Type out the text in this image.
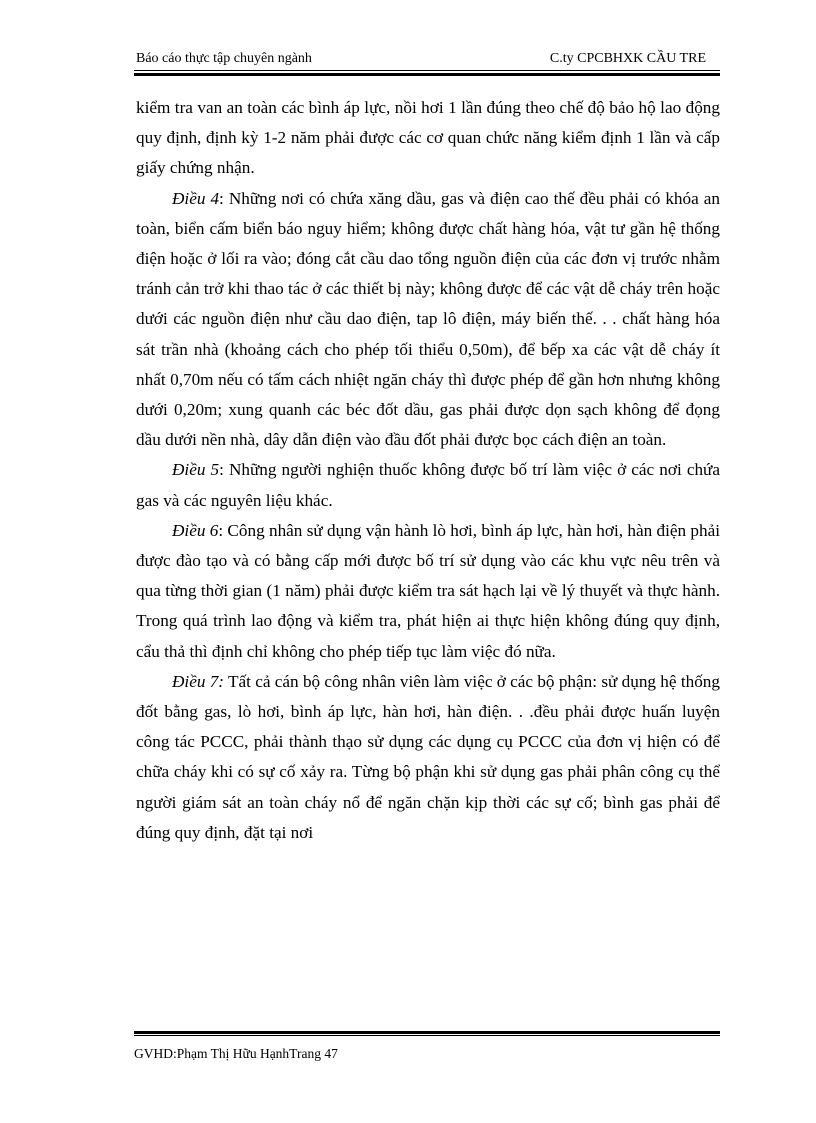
Báo cáo thực tập chuyên ngành	C.ty CPCBHXK CẦU TRE

kiểm tra van an toàn các bình áp lực, nồi hơi 1 lần đúng theo chế độ bảo hộ lao động quy định, định kỳ 1-2 năm phải được các cơ quan chức năng kiểm định 1 lần và cấp giấy chứng nhận.

Điều 4: Những nơi có chứa xăng dầu, gas và điện cao thế đều phải có khóa an toàn, biển cấm biển báo nguy hiểm; không được chất hàng hóa, vật tư gần hệ thống điện hoặc ở lối ra vào; đóng cắt cầu dao tổng nguồn điện của các đơn vị trước nhằm tránh cản trở khi thao tác ở các thiết bị này; không được để các vật dễ cháy trên hoặc dưới các nguồn điện như cầu dao điện, tap lô điện, máy biến thế. . . chất hàng hóa sát trần nhà (khoảng cách cho phép tối thiểu 0,50m), để bếp xa các vật dễ cháy ít nhất 0,70m nếu có tấm cách nhiệt ngăn cháy thì được phép để gần hơn nhưng không dưới 0,20m; xung quanh các béc đốt dầu, gas phải được dọn sạch không để đọng dầu dưới nền nhà, dây dẫn điện vào đầu đốt phải được bọc cách điện an toàn.

Điều 5: Những người nghiện thuốc không được bố trí làm việc ở các nơi chứa gas và các nguyên liệu khác.

Điều 6: Công nhân sử dụng vận hành lò hơi, bình áp lực, hàn hơi, hàn điện phải được đào tạo và có bằng cấp mới được bố trí sử dụng vào các khu vực nêu trên và qua từng thời gian (1 năm) phải được kiểm tra sát hạch lại về lý thuyết và thực hành. Trong quá trình lao động và kiểm tra, phát hiện ai thực hiện không đúng quy định, cẩu thả thì định chỉ không cho phép tiếp tục làm việc đó nữa.

Điều 7: Tất cả cán bộ công nhân viên làm việc ở các bộ phận: sử dụng hệ thống đốt bằng gas, lò hơi, bình áp lực, hàn hơi, hàn điện. . .đều phải được huấn luyện công tác PCCC, phải thành thạo sử dụng các dụng cụ PCCC của đơn vị hiện có để chữa cháy khi có sự cố xảy ra. Từng bộ phận khi sử dụng gas phải phân công cụ thể người giám sát an toàn cháy nổ để ngăn chặn kịp thời các sự cố; bình gas phải để đúng quy định, đặt tại nơi

GVHD:Phạm Thị Hữu HạnhTrang 47
